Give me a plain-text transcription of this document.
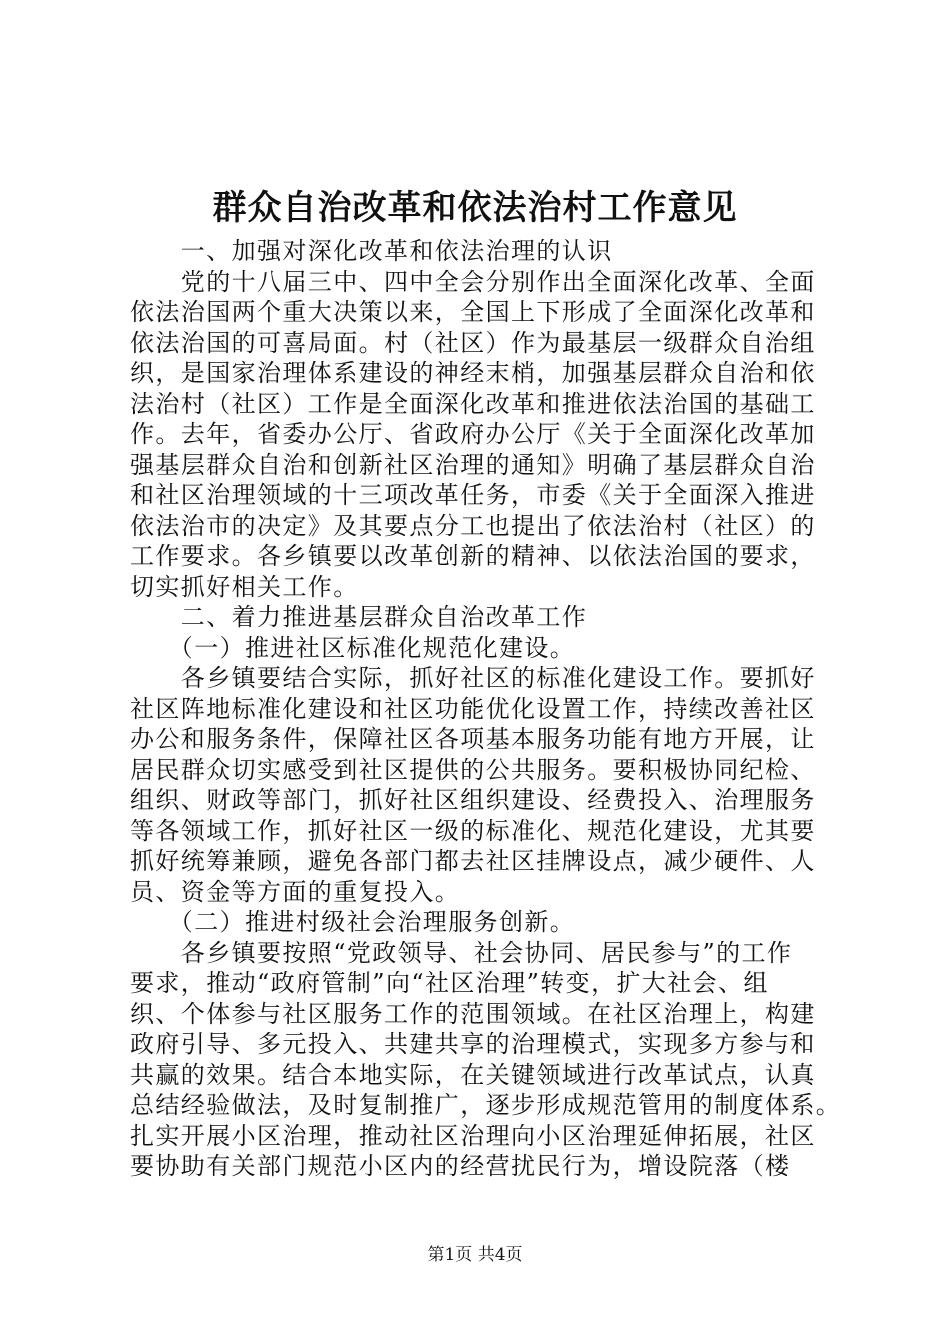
群众自治改革和依法治村工作意见
　　一、加强对深化改革和依法治理的认识
　　党的十八届三中、四中全会分别作出全面深化改革、全面
依法治国两个重大决策以来，全国上下形成了全面深化改革和
依法治国的可喜局面。村（社区）作为最基层一级群众自治组
织，是国家治理体系建设的神经末梢，加强基层群众自治和依
法治村（社区）工作是全面深化改革和推进依法治国的基础工
作。去年，省委办公厅、省政府办公厅《关于全面深化改革加
强基层群众自治和创新社区治理的通知》明确了基层群众自治
和社区治理领域的十三项改革任务，市委《关于全面深入推进
依法治市的决定》及其要点分工也提出了依法治村（社区）的
工作要求。各乡镇要以改革创新的精神、以依法治国的要求，
切实抓好相关工作。
　　二、着力推进基层群众自治改革工作
　　（一）推进社区标准化规范化建设。
　　各乡镇要结合实际，抓好社区的标准化建设工作。要抓好
社区阵地标准化建设和社区功能优化设置工作，持续改善社区
办公和服务条件，保障社区各项基本服务功能有地方开展，让
居民群众切实感受到社区提供的公共服务。要积极协同纪检、
组织、财政等部门，抓好社区组织建设、经费投入、治理服务
等各领域工作，抓好社区一级的标准化、规范化建设，尤其要
抓好统筹兼顾，避免各部门都去社区挂牌设点，减少硬件、人
员、资金等方面的重复投入。
　　（二）推进村级社会治理服务创新。
　　各乡镇要按照“党政领导、社会协同、居民参与”的工作
要求，推动“政府管制”向“社区治理”转变，扩大社会、组
织、个体参与社区服务工作的范围领域。在社区治理上，构建
政府引导、多元投入、共建共享的治理模式，实现多方参与和
共赢的效果。结合本地实际，在关键领域进行改革试点，认真
总结经验做法，及时复制推广，逐步形成规范管用的制度体系。
扎实开展小区治理，推动社区治理向小区治理延伸拓展，社区
要协助有关部门规范小区内的经营扰民行为，增设院落（楼
第1页 共4页
